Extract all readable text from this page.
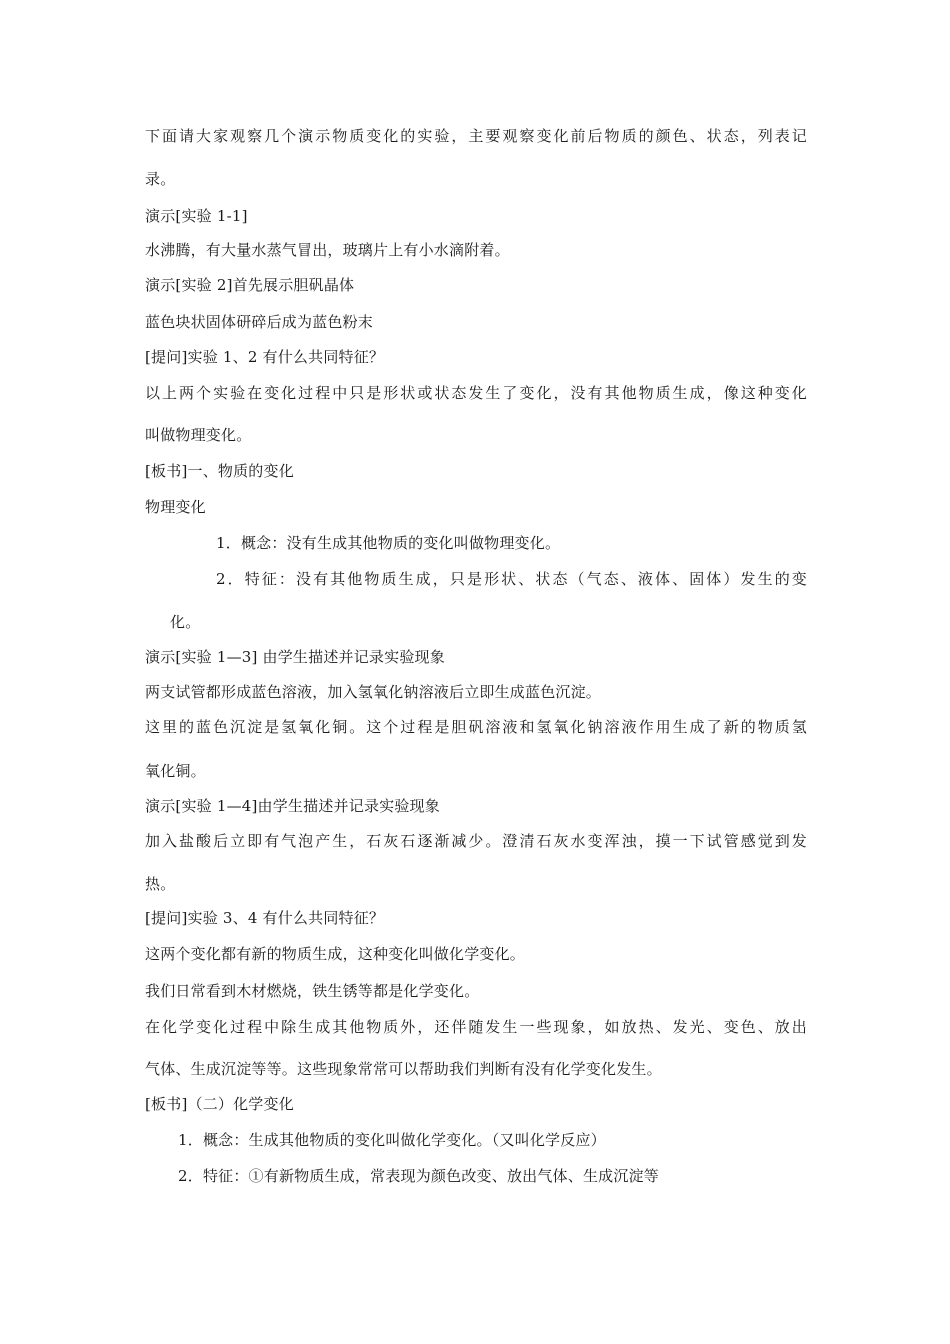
下面请大家观察几个演示物质变化的实验，主要观察变化前后物质的颜色、状态，列表记
录。
演示[实验 1-1]
水沸腾，有大量水蒸气冒出，玻璃片上有小水滴附着。
演示[实验 2]首先展示胆矾晶体
蓝色块状固体研碎后成为蓝色粉末
[提问]实验 1、2 有什么共同特征？
以上两个实验在变化过程中只是形状或状态发生了变化，没有其他物质生成，像这种变化
叫做物理变化。
[板书]一、物质的变化
物理变化
1．概念：没有生成其他物质的变化叫做物理变化。
2．特征：没有其他物质生成，只是形状、状态（气态、液体、固体）发生的变
化。
演示[实验 1—3] 由学生描述并记录实验现象
两支试管都形成蓝色溶液，加入氢氧化钠溶液后立即生成蓝色沉淀。
这里的蓝色沉淀是氢氧化铜。这个过程是胆矾溶液和氢氧化钠溶液作用生成了新的物质氢
氧化铜。
演示[实验 1—4]由学生描述并记录实验现象
加入盐酸后立即有气泡产生，石灰石逐渐减少。澄清石灰水变浑浊，摸一下试管感觉到发
热。
[提问]实验 3、4 有什么共同特征？
这两个变化都有新的物质生成，这种变化叫做化学变化。
我们日常看到木材燃烧，铁生锈等都是化学变化。
在化学变化过程中除生成其他物质外，还伴随发生一些现象，如放热、发光、变色、放出
气体、生成沉淀等等。这些现象常常可以帮助我们判断有没有化学变化发生。
[板书]（二）化学变化
1．概念：生成其他物质的变化叫做化学变化。（又叫化学反应）
2．特征：①有新物质生成，常表现为颜色改变、放出气体、生成沉淀等
